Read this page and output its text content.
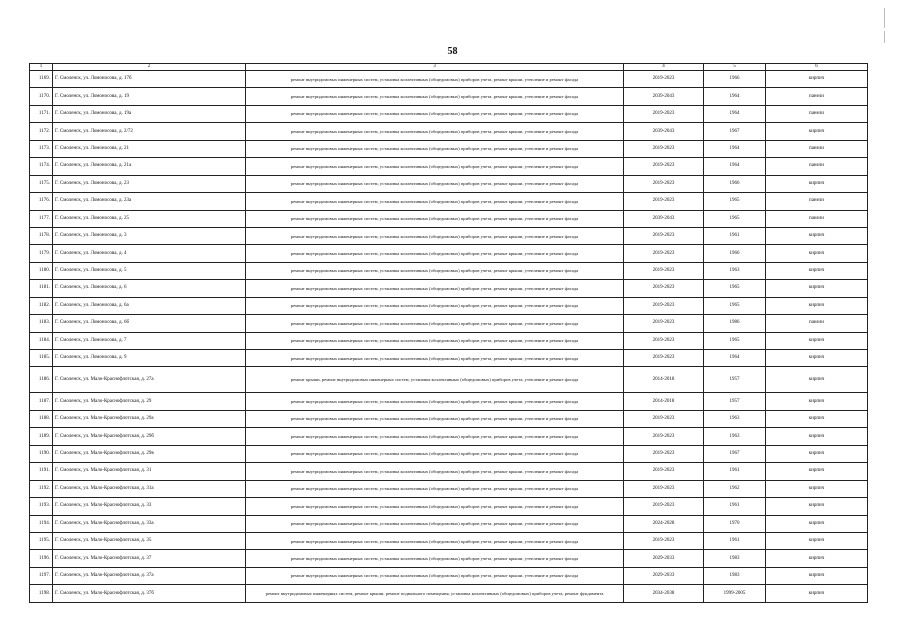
58
1	2	3	4	5	6
1169.	Г. Смоленск, ул. Ломоносова, д. 17б	ремонт внутридомовых инженерных систем, установка коллективных (общедомовых) приборов учета, ремонт крыши, утепление и ремонт фасада	2019-2023	1966	кирпич
1170.	Г. Смоленск, ул. Ломоносова, д. 19	ремонт внутридомовых инженерных систем, установка коллективных (общедомовых) приборов учета, ремонт крыши, утепление и ремонт фасада	2039-2043	1964	панели
1171.	Г. Смоленск, ул. Ломоносова, д. 19а	ремонт внутридомовых инженерных систем, установка коллективных (общедомовых) приборов учета, ремонт крыши, утепление и ремонт фасада	2019-2023	1964	панели
1172.	Г. Смоленск, ул. Ломоносова, д. 2/72	ремонт внутридомовых инженерных систем, установка коллективных (общедомовых) приборов учета, ремонт крыши, утепление и ремонт фасада	2039-2043	1967	кирпич
1173.	Г. Смоленск, ул. Ломоносова, д. 21	ремонт внутридомовых инженерных систем, установка коллективных (общедомовых) приборов учета, ремонт крыши, утепление и ремонт фасада	2019-2023	1964	панели
1174.	Г. Смоленск, ул. Ломоносова, д. 21а	ремонт внутридомовых инженерных систем, установка коллективных (общедомовых) приборов учета, ремонт крыши, утепление и ремонт фасада	2019-2023	1964	панели
1175.	Г. Смоленск, ул. Ломоносова, д. 23	ремонт внутридомовых инженерных систем, установка коллективных (общедомовых) приборов учета, ремонт крыши, утепление и ремонт фасада	2019-2023	1966	кирпич
1176.	Г. Смоленск, ул. Ломоносова, д. 23а	ремонт внутридомовых инженерных систем, установка коллективных (общедомовых) приборов учета, ремонт крыши, утепление и ремонт фасада	2019-2023	1965	панели
1177.	Г. Смоленск, ул. Ломоносова, д. 25	ремонт внутридомовых инженерных систем, установка коллективных (общедомовых) приборов учета, ремонт крыши, утепление и ремонт фасада	2039-2043	1965	панели
1178.	Г. Смоленск, ул. Ломоносова, д. 3	ремонт внутридомовых инженерных систем, установка коллективных (общедомовых) приборов учета, ремонт крыши, утепление и ремонт фасада	2019-2023	1961	кирпич
1179.	Г. Смоленск, ул. Ломоносова, д. 4	ремонт внутридомовых инженерных систем, установка коллективных (общедомовых) приборов учета, ремонт крыши, утепление и ремонт фасада	2019-2023	1966	кирпич
1180.	Г. Смоленск, ул. Ломоносова, д. 5	ремонт внутридомовых инженерных систем, установка коллективных (общедомовых) приборов учета, ремонт крыши, утепление и ремонт фасада	2019-2023	1963	кирпич
1181.	Г. Смоленск, ул. Ломоносова, д. 6	ремонт внутридомовых инженерных систем, установка коллективных (общедомовых) приборов учета, ремонт крыши, утепление и ремонт фасада	2019-2023	1965	кирпич
1182.	Г. Смоленск, ул. Ломоносова, д. 6а	ремонт внутридомовых инженерных систем, установка коллективных (общедомовых) приборов учета, ремонт крыши, утепление и ремонт фасада	2019-2023	1965	кирпич
1183.	Г. Смоленск, ул. Ломоносова, д. 6б	ремонт внутридомовых инженерных систем, установка коллективных (общедомовых) приборов учета, ремонт крыши, утепление и ремонт фасада	2019-2023	1986	панели
1184.	Г. Смоленск, ул. Ломоносова, д. 7	ремонт внутридомовых инженерных систем, установка коллективных (общедомовых) приборов учета, ремонт крыши, утепление и ремонт фасада	2019-2023	1965	кирпич
1185.	Г. Смоленск, ул. Ломоносова, д. 9	ремонт внутридомовых инженерных систем, установка коллективных (общедомовых) приборов учета, ремонт крыши, утепление и ремонт фасада	2019-2023	1964	кирпич
1186.	Г. Смоленск, ул. Мало-Краснофлотская, д. 27а	ремонт крыши, ремонт внутридомовых инженерных систем, установка коллективных (общедомовых) приборов учета, утепление и ремонт фасада	2014-2018	1957	кирпич
1187.	Г. Смоленск, ул. Мало-Краснофлотская, д. 29	ремонт внутридомовых инженерных систем, установка коллективных (общедомовых) приборов учета, ремонт крыши, утепление и ремонт фасада	2014-2018	1957	кирпич
1188.	Г. Смоленск, ул. Мало-Краснофлотская, д. 29а	ремонт внутридомовых инженерных систем, установка коллективных (общедомовых) приборов учета, ремонт крыши, утепление и ремонт фасада	2019-2023	1963	кирпич
1189.	Г. Смоленск, ул. Мало-Краснофлотская, д. 29б	ремонт внутридомовых инженерных систем, установка коллективных (общедомовых) приборов учета, ремонт крыши, утепление и ремонт фасада	2019-2023	1963	кирпич
1190.	Г. Смоленск, ул. Мало-Краснофлотская, д. 29в	ремонт внутридомовых инженерных систем, установка коллективных (общедомовых) приборов учета, ремонт крыши, утепление и ремонт фасада	2019-2023	1967	кирпич
1191.	Г. Смоленск, ул. Мало-Краснофлотская, д. 31	ремонт внутридомовых инженерных систем, установка коллективных (общедомовых) приборов учета, ремонт крыши, утепление и ремонт фасада	2019-2023	1961	кирпич
1192.	Г. Смоленск, ул. Мало-Краснофлотская, д. 31а	ремонт внутридомовых инженерных систем, установка коллективных (общедомовых) приборов учета, ремонт крыши, утепление и ремонт фасада	2019-2023	1962	кирпич
1193.	Г. Смоленск, ул. Мало-Краснофлотская, д. 33	ремонт внутридомовых инженерных систем, установка коллективных (общедомовых) приборов учета, ремонт крыши, утепление и ремонт фасада	2019-2023	1961	кирпич
1194.	Г. Смоленск, ул. Мало-Краснофлотская, д. 33а	ремонт внутридомовых инженерных систем, установка коллективных (общедомовых) приборов учета, ремонт крыши, утепление и ремонт фасада	2024-2028	1970	кирпич
1195.	Г. Смоленск, ул. Мало-Краснофлотская, д. 35	ремонт внутридомовых инженерных систем, установка коллективных (общедомовых) приборов учета, ремонт крыши, утепление и ремонт фасада	2019-2023	1961	кирпич
1196.	Г. Смоленск, ул. Мало-Краснофлотская, д. 37	ремонт внутридомовых инженерных систем, установка коллективных (общедомовых) приборов учета, ремонт крыши, утепление и ремонт фасада	2029-2033	1983	кирпич
1197.	Г. Смоленск, ул. Мало-Краснофлотская, д. 37а	ремонт внутридомовых инженерных систем, установка коллективных (общедомовых) приборов учета, ремонт крыши, утепление и ремонт фасада	2029-2033	1983	кирпич
1198.	Г. Смоленск, ул. Мало-Краснофлотская, д. 37б	ремонт внутридомовых инженерных систем, ремонт крыши, ремонт подвального помещения, установка коллективных (общедомовых) приборов учета, ремонт фундамента	2034-2038	1999-2005	кирпич
